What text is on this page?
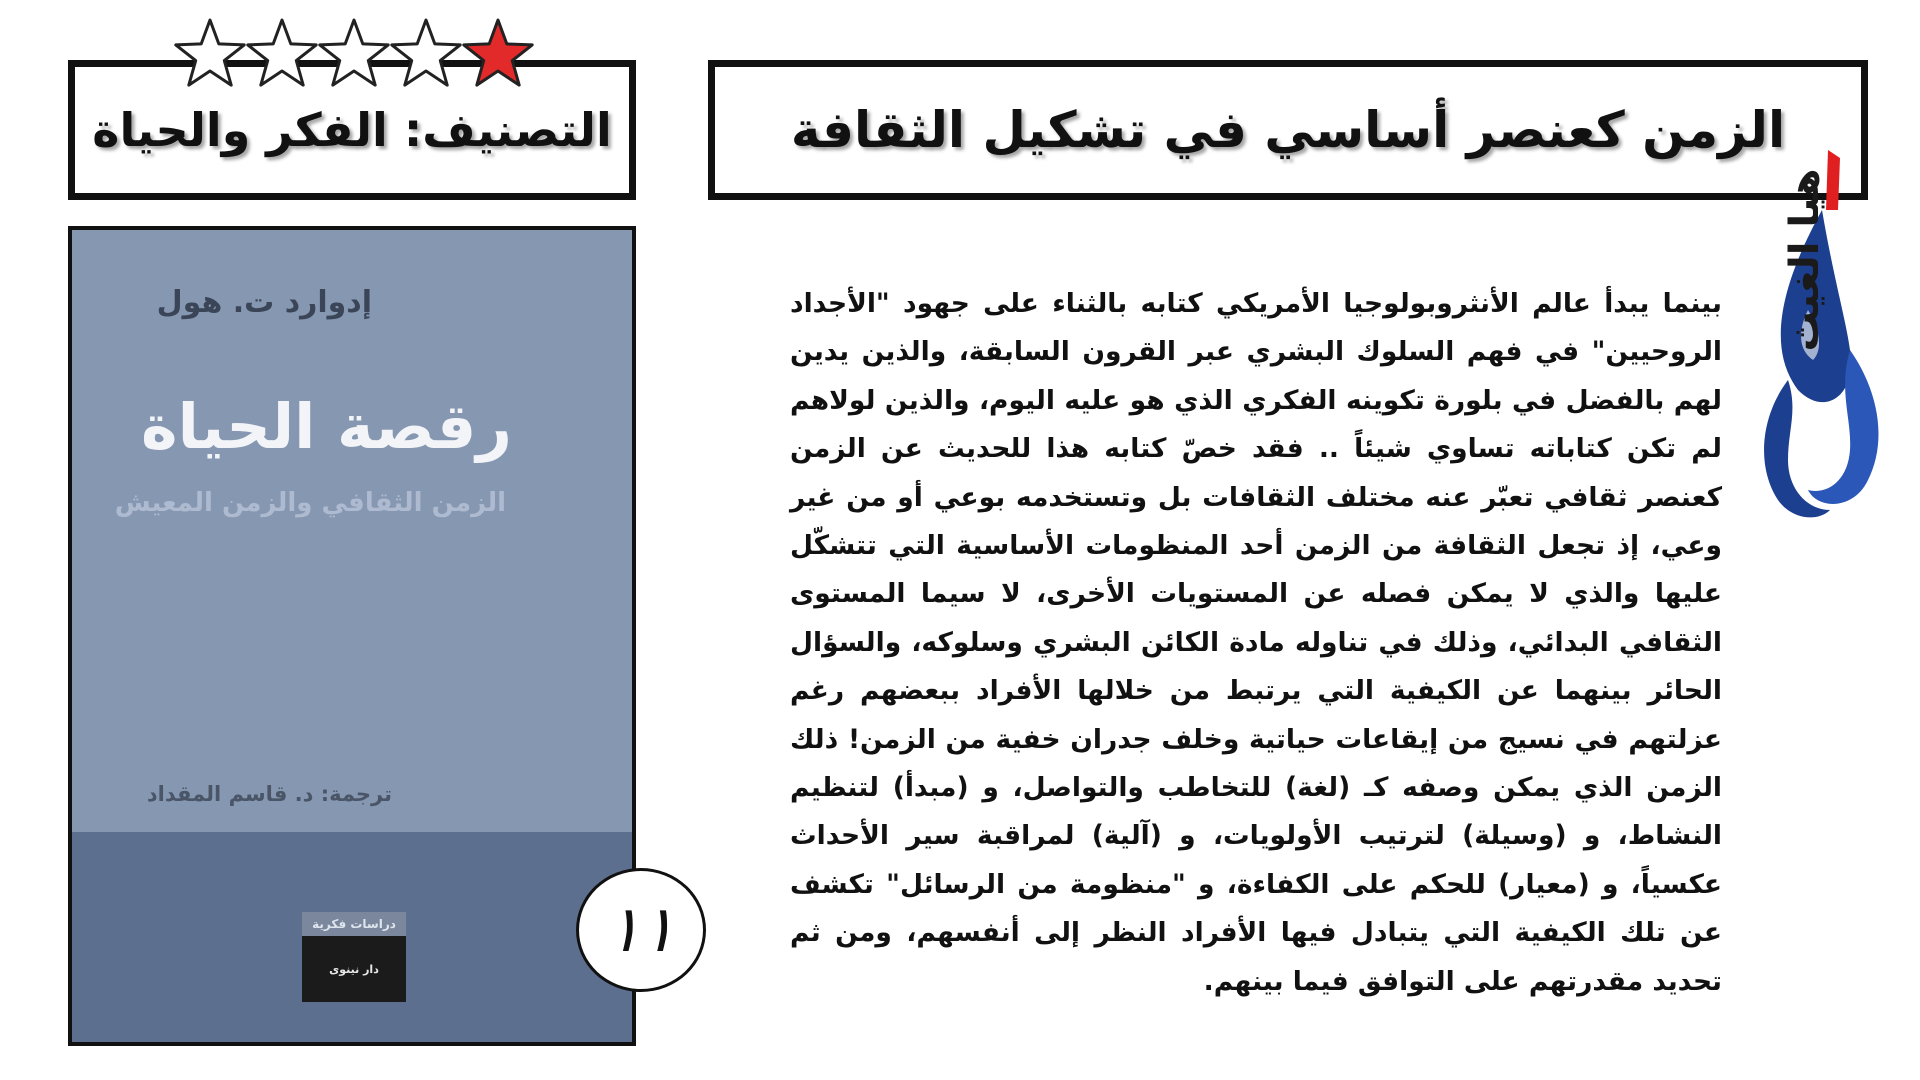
الزمن كعنصر أساسي في تشكيل الثقافة
التصنيف: الفكر والحياة
إدوارد ت. هول
رقصة الحياة
الزمن الثقافي والزمن المعيش
ترجمة: د. قاسم المقداد
دراسات فكرية
دار نينوى
١١
بينما يبدأ عالم الأنثروبولوجيا الأمريكي كتابه بالثناء على جهود "الأجداد الروحيين" في فهم السلوك البشري عبر القرون السابقة، والذين يدين لهم بالفضل في بلورة تكوينه الفكري الذي هو عليه اليوم، والذين لولاهم لم تكن كتاباته تساوي شيئاً .. فقد خصّ كتابه هذا للحديث عن الزمن كعنصر ثقافي تعبّر عنه مختلف الثقافات بل وتستخدمه بوعي أو من غير وعي، إذ تجعل الثقافة من الزمن أحد المنظومات الأساسية التي تتشكّل عليها والذي لا يمكن فصله عن المستويات الأخرى، لا سيما المستوى الثقافي البدائي، وذلك في تناوله مادة الكائن البشري وسلوكه، والسؤال الحائر بينهما عن الكيفية التي يرتبط من خلالها الأفراد ببعضهم رغم عزلتهم في نسيج من إيقاعات حياتية وخلف جدران خفية من الزمن! ذلك الزمن الذي يمكن وصفه كـ (لغة) للتخاطب والتواصل، و (مبدأ) لتنظيم النشاط، و (وسيلة) لترتيب الأولويات، و (آلية) لمراقبة سير الأحداث عكسياً، و (معيار) للحكم على الكفاءة، و "منظومة من الرسائل" تكشف عن تلك الكيفية التي يتبادل فيها الأفراد النظر إلى أنفسهم، ومن ثم تحديد مقدرتهم على التوافق فيما بينهم.
هيا الغيث
